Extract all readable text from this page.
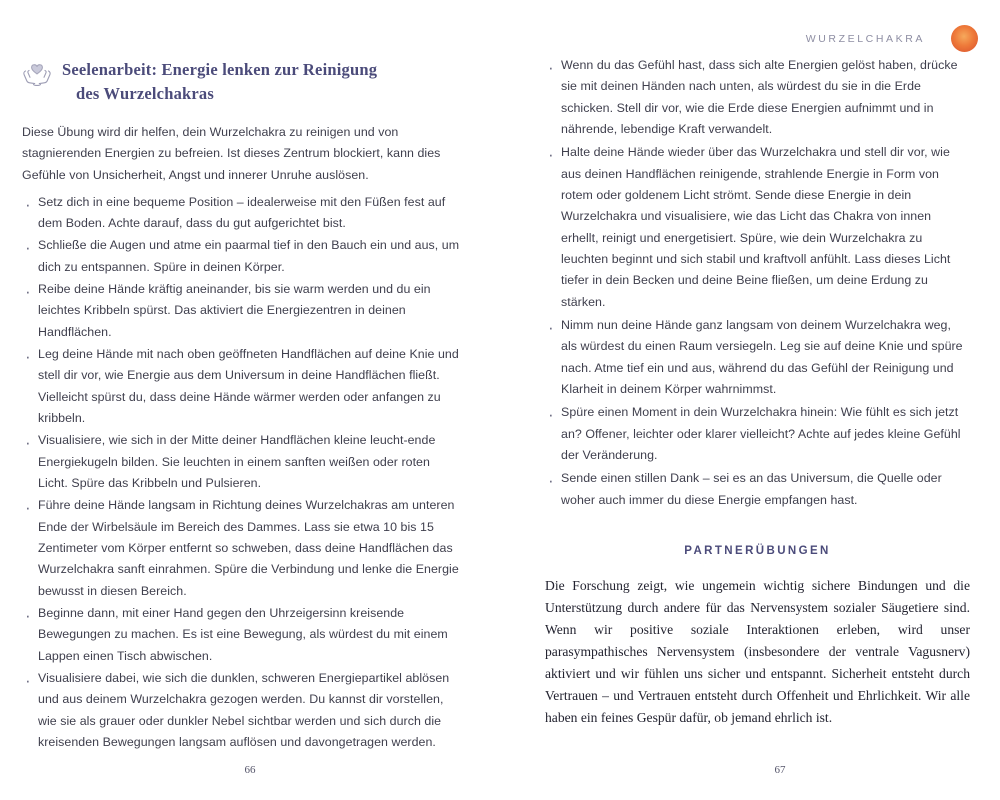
Seelenarbeit: Energie lenken zur Reinigung
des Wurzelchakras

Diese Übung wird dir helfen, dein Wurzelchakra zu reinigen und von stagnierenden Energien zu befreien. Ist dieses Zentrum blockiert, kann dies Gefühle von Unsicherheit, Angst und innerer Unruhe auslösen.

· Setz dich in eine bequeme Position – idealerweise mit den Füßen fest auf dem Boden. Achte darauf, dass du gut aufgerichtet bist.
· Schließe die Augen und atme ein paarmal tief in den Bauch ein und aus, um dich zu entspannen. Spüre in deinen Körper.
· Reibe deine Hände kräftig aneinander, bis sie warm werden und du ein leichtes Kribbeln spürst. Das aktiviert die Energiezentren in deinen Handflächen.
· Leg deine Hände mit nach oben geöffneten Handflächen auf deine Knie und stell dir vor, wie Energie aus dem Universum in deine Handflächen fließt. Vielleicht spürst du, dass deine Hände wärmer werden oder anfangen zu kribbeln.
· Visualisiere, wie sich in der Mitte deiner Handflächen kleine leucht-ende Energiekugeln bilden. Sie leuchten in einem sanften weißen oder roten Licht. Spüre das Kribbeln und Pulsieren.
· Führe deine Hände langsam in Richtung deines Wurzelchakras am unteren Ende der Wirbelsäule im Bereich des Dammes. Lass sie etwa 10 bis 15 Zentimeter vom Körper entfernt so schweben, dass deine Handflächen das Wurzelchakra sanft einrahmen. Spüre die Verbindung und lenke die Energie bewusst in diesen Bereich.
· Beginne dann, mit einer Hand gegen den Uhrzeigersinn kreisende Bewegungen zu machen. Es ist eine Bewegung, als würdest du mit einem Lappen einen Tisch abwischen.
· Visualisiere dabei, wie sich die dunklen, schweren Energiepartikel ablösen und aus deinem Wurzelchakra gezogen werden. Du kannst dir vorstellen, wie sie als grauer oder dunkler Nebel sichtbar werden und sich durch die kreisenden Bewegungen langsam auflösen und davongetragen werden.
66
WURZELCHAKRA
· Wenn du das Gefühl hast, dass sich alte Energien gelöst haben, drücke sie mit deinen Händen nach unten, als würdest du sie in die Erde schicken. Stell dir vor, wie die Erde diese Energien aufnimmt und in nährende, lebendige Kraft verwandelt.
· Halte deine Hände wieder über das Wurzelchakra und stell dir vor, wie aus deinen Handflächen reinigende, strahlende Energie in Form von rotem oder goldenem Licht strömt. Sende diese Energie in dein Wurzelchakra und visualisiere, wie das Licht das Chakra von innen erhellt, reinigt und energetisiert. Spüre, wie dein Wurzelchakra zu leuchten beginnt und sich stabil und kraftvoll anfühlt. Lass dieses Licht tiefer in dein Becken und deine Beine fließen, um deine Erdung zu stärken.
· Nimm nun deine Hände ganz langsam von deinem Wurzelchakra weg, als würdest du einen Raum versiegeln. Leg sie auf deine Knie und spüre nach. Atme tief ein und aus, während du das Gefühl der Reinigung und Klarheit in deinem Körper wahrnimmst.
· Spüre einen Moment in dein Wurzelchakra hinein: Wie fühlt es sich jetzt an? Offener, leichter oder klarer vielleicht? Achte auf jedes kleine Gefühl der Veränderung.
· Sende einen stillen Dank – sei es an das Universum, die Quelle oder woher auch immer du diese Energie empfangen hast.
PARTNERÜBUNGEN

Die Forschung zeigt, wie ungemein wichtig sichere Bindungen und die Unterstützung durch andere für das Nervensystem sozialer Säugetiere sind. Wenn wir positive soziale Interaktionen erleben, wird unser parasympathisches Nervensystem (insbesondere der ventrale Vagusnerv) aktiviert und wir fühlen uns sicher und entspannt. Sicherheit entsteht durch Vertrauen – und Vertrauen entsteht durch Offenheit und Ehrlichkeit. Wir alle haben ein feines Gespür dafür, ob jemand ehrlich ist.

67
